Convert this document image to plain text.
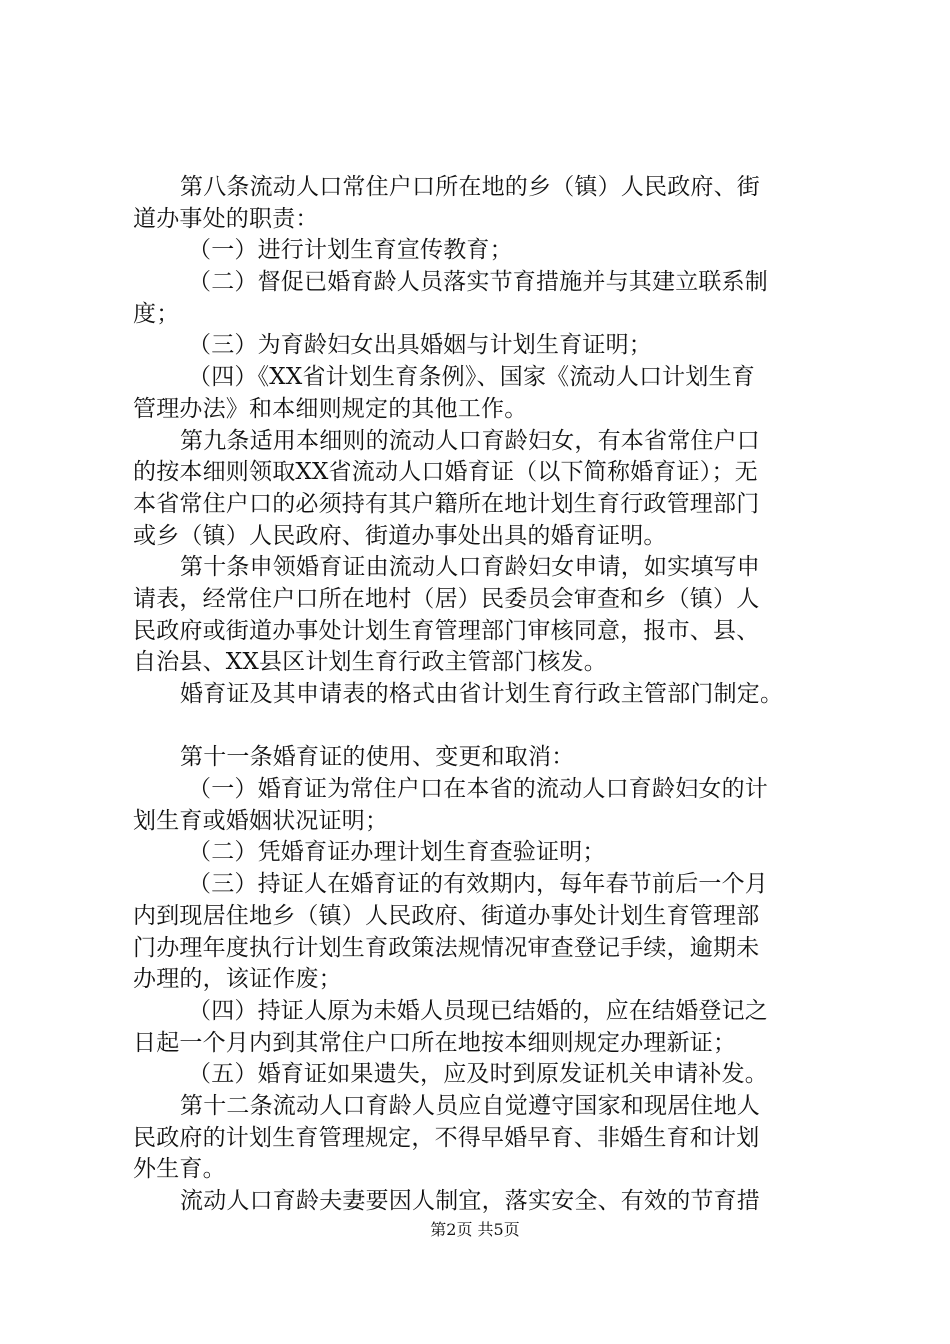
第八条流动人口常住户口所在地的乡（镇）人民政府、街
道办事处的职责：
（一）进行计划生育宣传教育；
（二）督促已婚育龄人员落实节育措施并与其建立联系制
度；
（三）为育龄妇女出具婚姻与计划生育证明；
（四）《XX省计划生育条例》、国家《流动人口计划生育
管理办法》和本细则规定的其他工作。
第九条适用本细则的流动人口育龄妇女，有本省常住户口
的按本细则领取XX省流动人口婚育证（以下简称婚育证）；无
本省常住户口的必须持有其户籍所在地计划生育行政管理部门
或乡（镇）人民政府、街道办事处出具的婚育证明。
第十条申领婚育证由流动人口育龄妇女申请，如实填写申
请表，经常住户口所在地村（居）民委员会审查和乡（镇）人
民政府或街道办事处计划生育管理部门审核同意，报市、县、
自治县、XX县区计划生育行政主管部门核发。
婚育证及其申请表的格式由省计划生育行政主管部门制定。
第十一条婚育证的使用、变更和取消：
（一）婚育证为常住户口在本省的流动人口育龄妇女的计
划生育或婚姻状况证明；
（二）凭婚育证办理计划生育查验证明；
（三）持证人在婚育证的有效期内，每年春节前后一个月
内到现居住地乡（镇）人民政府、街道办事处计划生育管理部
门办理年度执行计划生育政策法规情况审查登记手续，逾期未
办理的，该证作废；
（四）持证人原为未婚人员现已结婚的，应在结婚登记之
日起一个月内到其常住户口所在地按本细则规定办理新证；
（五）婚育证如果遗失，应及时到原发证机关申请补发。
第十二条流动人口育龄人员应自觉遵守国家和现居住地人
民政府的计划生育管理规定，不得早婚早育、非婚生育和计划
外生育。
流动人口育龄夫妻要因人制宜，落实安全、有效的节育措
第2页 共5页
